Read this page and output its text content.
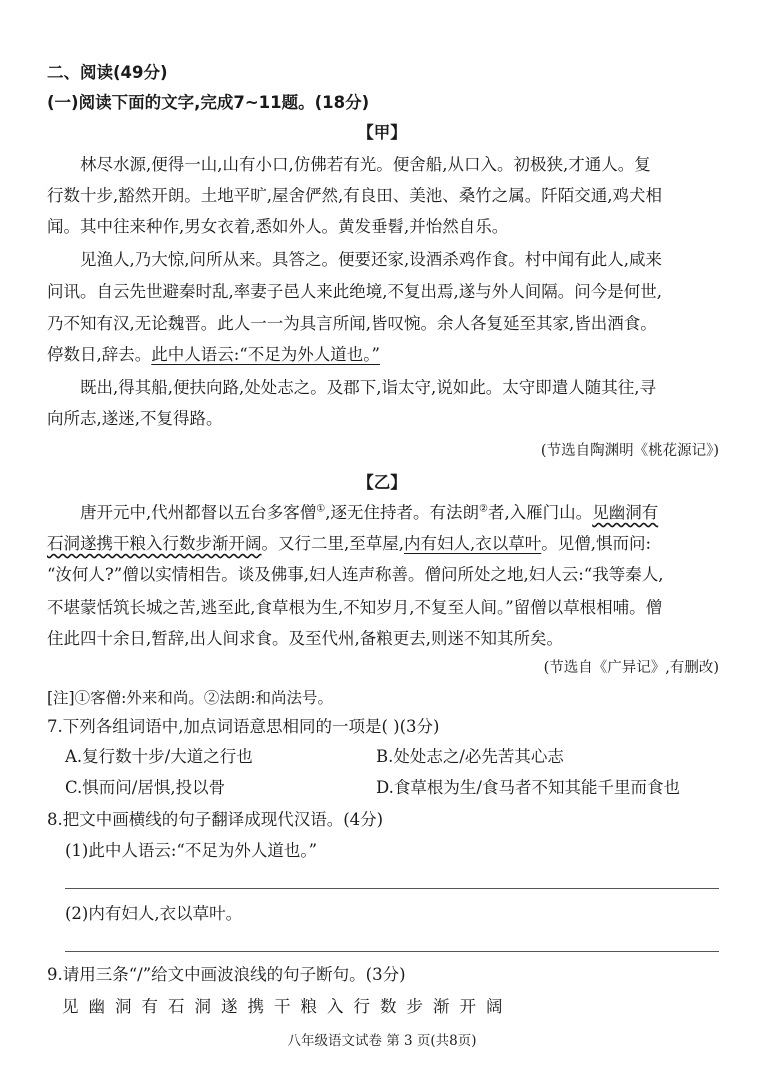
二、阅读(49分)
(一)阅读下面的文字,完成7~11题。(18分)
【甲】
林尽水源,便得一山,山有小口,仿佛若有光。便舍船,从口入。初极狭,才通人。复
行数十步,豁然开朗。土地平旷,屋舍俨然,有良田、美池、桑竹之属。阡陌交通,鸡犬相
闻。其中往来种作,男女衣着,悉如外人。黄发垂髫,并怡然自乐。
见渔人,乃大惊,问所从来。具答之。便要还家,设酒杀鸡作食。村中闻有此人,咸来
问讯。自云先世避秦时乱,率妻子邑人来此绝境,不复出焉,遂与外人间隔。问今是何世,
乃不知有汉,无论魏晋。此人一一为具言所闻,皆叹惋。余人各复延至其家,皆出酒食。
停数日,辞去。此中人语云:“不足为外人道也。”
既出,得其船,便扶向路,处处志之。及郡下,诣太守,说如此。太守即遣人随其往,寻
向所志,遂迷,不复得路。
(节选自陶渊明《桃花源记》)
【乙】
唐开元中,代州都督以五台多客僧①,逐无住持者。有法朗②者,入雁门山。见幽洞有
石洞遂携干粮入行数步渐开阔。又行二里,至草屋,内有妇人,衣以草叶。见僧,惧而问:
“汝何人?”僧以实情相告。谈及佛事,妇人连声称善。僧问所处之地,妇人云:“我等秦人,
不堪蒙恬筑长城之苦,逃至此,食草根为生,不知岁月,不复至人间。”留僧以草根相哺。僧
住此四十余日,暂辞,出人间求食。及至代州,备粮更去,则迷不知其所矣。
(节选自《广异记》,有删改)
[注]①客僧:外来和尚。②法朗:和尚法号。
7.下列各组词语中,加点词语意思相同的一项是( )(3分)
A.复行数十步/大道之行也	B.处处志之/必先苦其心志
C.惧而问/居惧,投以骨	D.食草根为生/食马者不知其能千里而食也
8.把文中画横线的句子翻译成现代汉语。(4分)
(1)此中人语云:“不足为外人道也。”
(2)内有妇人,衣以草叶。
9.请用三条“/”给文中画波浪线的句子断句。(3分)
见幽洞有石洞遂携干粮入行数步渐开阔
八年级语文试卷 第 3 页(共8页)
